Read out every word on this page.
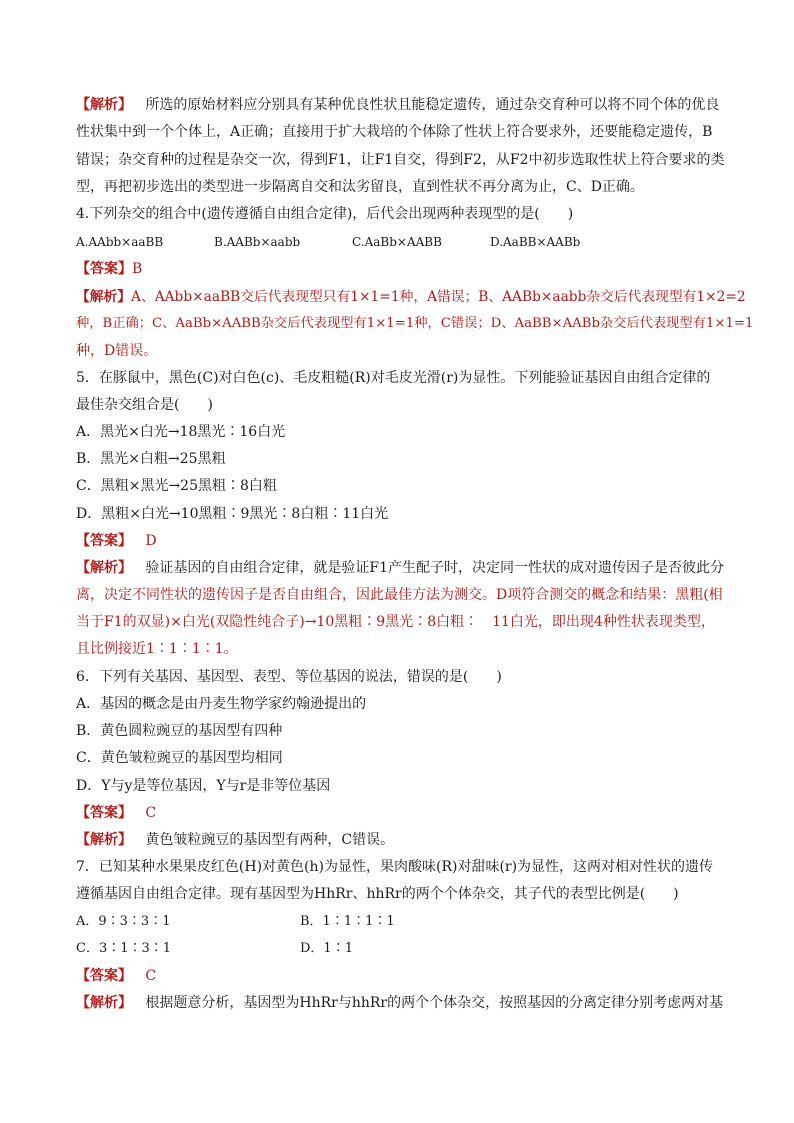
【解析】 所选的原始材料应分别具有某种优良性状且能稳定遗传，通过杂交育种可以将不同个体的优良
性状集中到一个个体上，A正确；直接用于扩大栽培的个体除了性状上符合要求外，还要能稳定遗传，B
错误；杂交育种的过程是杂交一次，得到F1，让F1自交，得到F2，从F2中初步选取性状上符合要求的类
型，再把初步选出的类型进一步隔离自交和汰劣留良，直到性状不再分离为止，C、D正确。
4.下列杂交的组合中(遗传遵循自由组合定律)，后代会出现两种表现型的是(　　)
A.AAbb×aaBB	B.AABb×aabb	C.AaBb×AABB	D.AaBB×AABb
【答案】B
【解析】A、AAbb×aaBB交后代表现型只有1×1=1种，A错误；B、AABb×aabb杂交后代表现型有1×2=2
种，B正确；C、AaBb×AABB杂交后代表现型有1×1=1种，C错误；D、AaBB×AABb杂交后代表现型有1×1=1
种，D错误。
5．在豚鼠中，黑色(C)对白色(c)、毛皮粗糙(R)对毛皮光滑(r)为显性。下列能验证基因自由组合定律的
最佳杂交组合是(　　)
A．黑光×白光→18黑光∶16白光
B．黑光×白粗→25黑粗
C．黑粗×黑光→25黑粗∶8白粗
D．黑粗×白光→10黑粗∶9黑光∶8白粗∶11白光
【答案】 D
【解析】 验证基因的自由组合定律，就是验证F1产生配子时，决定同一性状的成对遗传因子是否彼此分
离，决定不同性状的遗传因子是否自由组合，因此最佳方法为测交。D项符合测交的概念和结果：黑粗(相
当于F1的双显)×白光(双隐性纯合子)→10黑粗∶9黑光∶8白粗∶　11白光，即出现4种性状表现类型，
且比例接近1∶1∶1∶1。
6．下列有关基因、基因型、表型、等位基因的说法，错误的是(　　)
A．基因的概念是由丹麦生物学家约翰逊提出的
B．黄色圆粒豌豆的基因型有四种
C．黄色皱粒豌豆的基因型均相同
D．Y与y是等位基因，Y与r是非等位基因
【答案】 C
【解析】 黄色皱粒豌豆的基因型有两种，C错误。
7．已知某种水果果皮红色(H)对黄色(h)为显性，果肉酸味(R)对甜味(r)为显性，这两对相对性状的遗传
遵循基因自由组合定律。现有基因型为HhRr、hhRr的两个个体杂交，其子代的表型比例是(　　)
A．9∶3∶3∶1	B．1∶1∶1∶1
C．3∶1∶3∶1	D．1∶1
【答案】 C
【解析】 根据题意分析，基因型为HhRr与hhRr的两个个体杂交，按照基因的分离定律分别考虑两对基
